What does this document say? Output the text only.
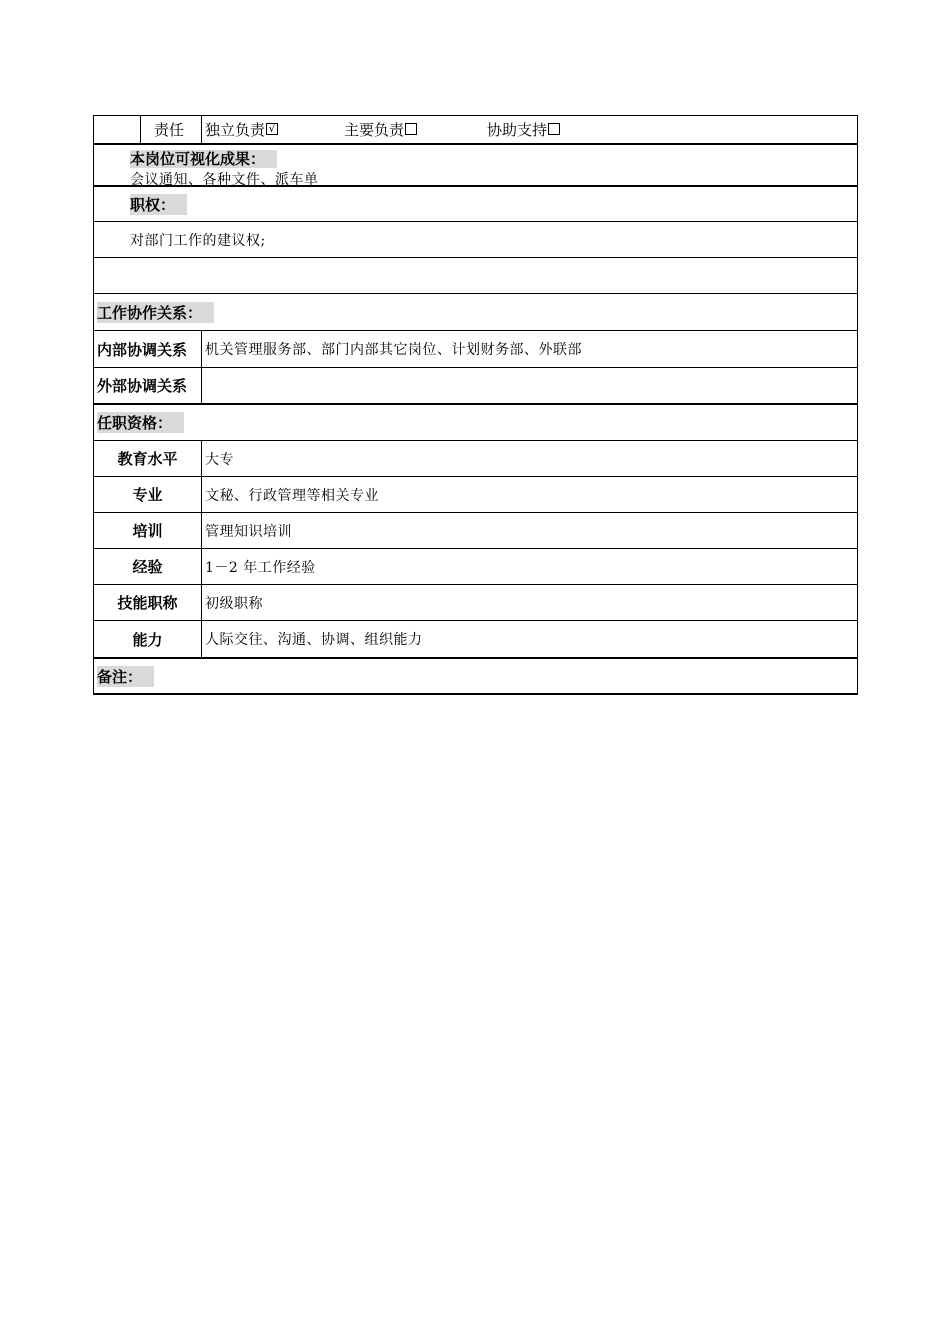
责任 独立负责 √	主要负责	协助支持
本岗位可视化成果：
会议通知、各种文件、派车单
职权：
对部门工作的建议权;
工作协作关系：
内部协调关系 机关管理服务部、部门内部其它岗位、计划财务部、外联部
外部协调关系
任职资格：
教育水平	大专
专业	文秘、行政管理等相关专业
培训	管理知识培训
经验	1－2 年工作经验
技能职称	初级职称
能力	人际交往、沟通、协调、组织能力
备注：
